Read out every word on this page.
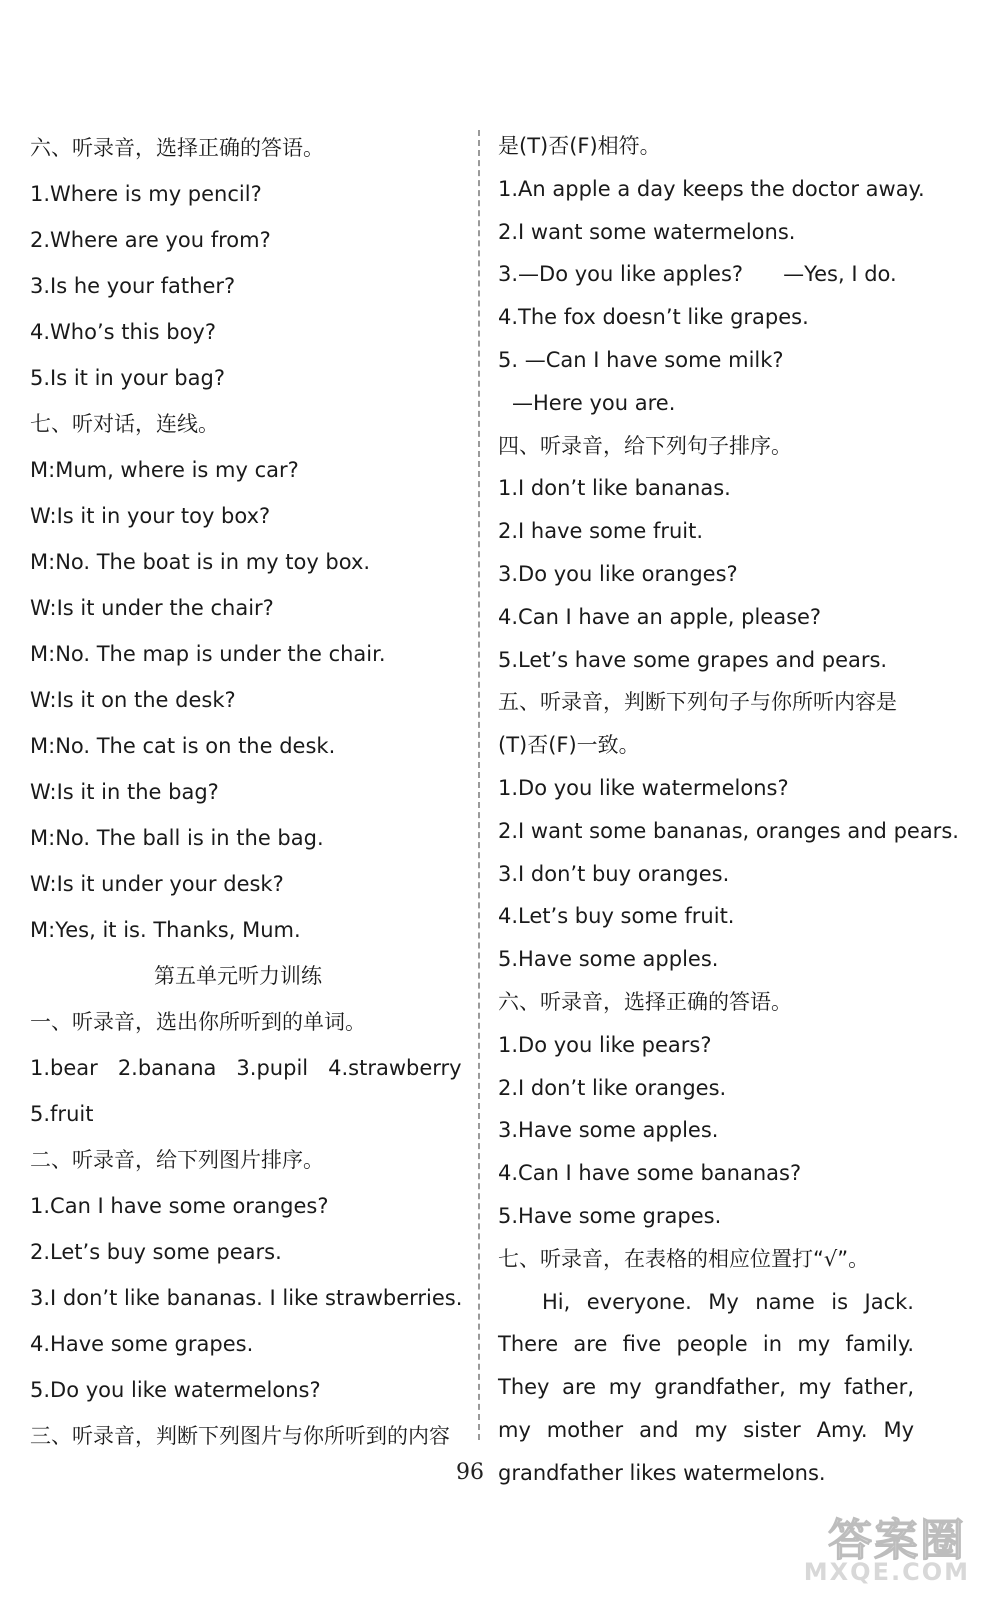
六、听录音，选择正确的答语。
1.Where is my pencil?
2.Where are you from?
3.Is he your father?
4.Who’s this boy?
5.Is it in your bag?
七、听对话，连线。
M:Mum, where is my car?
W:Is it in your toy box?
M:No. The boat is in my toy box.
W:Is it under the chair?
M:No. The map is under the chair.
W:Is it on the desk?
M:No. The cat is on the desk.
W:Is it in the bag?
M:No. The ball is in the bag.
W:Is it under your desk?
M:Yes, it is. Thanks, Mum.
第五单元听力训练
一、听录音，选出你所听到的单词。
1.bear   2.banana   3.pupil   4.strawberry
5.fruit
二、听录音，给下列图片排序。
1.Can I have some oranges?
2.Let’s buy some pears.
3.I don’t like bananas. I like strawberries.
4.Have some grapes.
5.Do you like watermelons?
三、听录音，判断下列图片与你所听到的内容
是(T)否(F)相符。
1.An apple a day keeps the doctor away.
2.I want some watermelons.
3.—Do you like apples?      —Yes, I do.
4.The fox doesn’t like grapes.
5. —Can I have some milk?
—Here you are.
四、听录音，给下列句子排序。
1.I don’t like bananas.
2.I have some fruit.
3.Do you like oranges?
4.Can I have an apple, please?
5.Let’s have some grapes and pears.
五、听录音，判断下列句子与你所听内容是
(T)否(F)一致。
1.Do you like watermelons?
2.I want some bananas, oranges and pears.
3.I don’t buy oranges.
4.Let’s buy some fruit.
5.Have some apples.
六、听录音，选择正确的答语。
1.Do you like pears?
2.I don’t like oranges.
3.Have some apples.
4.Can I have some bananas?
5.Have some grapes.
七、听录音，在表格的相应位置打“√”。
Hi, everyone. My name is Jack. There are five people in my family. They are my grandfather, my father, my mother and my sister Amy. My grandfather likes watermelons.
96
答案圈
MXQE.COM
